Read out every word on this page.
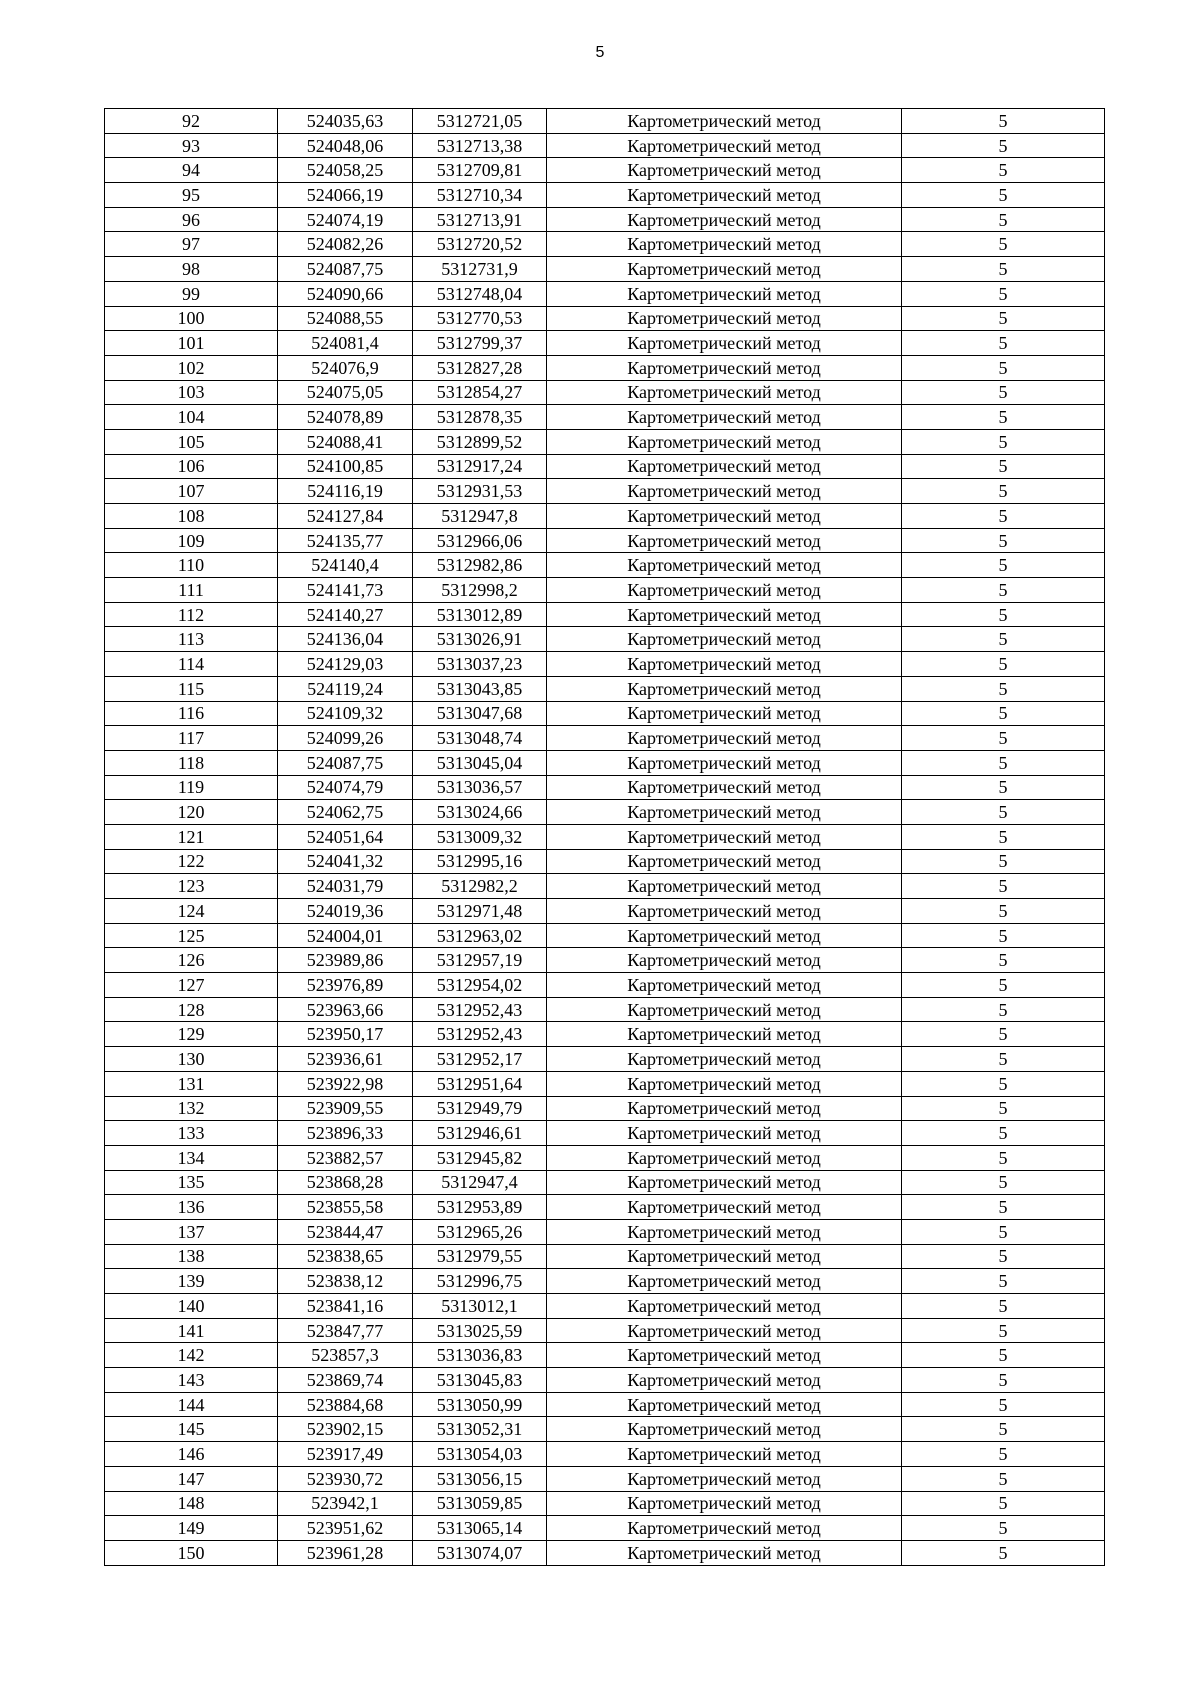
5
92	524035,63	5312721,05	Картометрический метод	5
93	524048,06	5312713,38	Картометрический метод	5
94	524058,25	5312709,81	Картометрический метод	5
95	524066,19	5312710,34	Картометрический метод	5
96	524074,19	5312713,91	Картометрический метод	5
97	524082,26	5312720,52	Картометрический метод	5
98	524087,75	5312731,9	Картометрический метод	5
99	524090,66	5312748,04	Картометрический метод	5
100	524088,55	5312770,53	Картометрический метод	5
101	524081,4	5312799,37	Картометрический метод	5
102	524076,9	5312827,28	Картометрический метод	5
103	524075,05	5312854,27	Картометрический метод	5
104	524078,89	5312878,35	Картометрический метод	5
105	524088,41	5312899,52	Картометрический метод	5
106	524100,85	5312917,24	Картометрический метод	5
107	524116,19	5312931,53	Картометрический метод	5
108	524127,84	5312947,8	Картометрический метод	5
109	524135,77	5312966,06	Картометрический метод	5
110	524140,4	5312982,86	Картометрический метод	5
111	524141,73	5312998,2	Картометрический метод	5
112	524140,27	5313012,89	Картометрический метод	5
113	524136,04	5313026,91	Картометрический метод	5
114	524129,03	5313037,23	Картометрический метод	5
115	524119,24	5313043,85	Картометрический метод	5
116	524109,32	5313047,68	Картометрический метод	5
117	524099,26	5313048,74	Картометрический метод	5
118	524087,75	5313045,04	Картометрический метод	5
119	524074,79	5313036,57	Картометрический метод	5
120	524062,75	5313024,66	Картометрический метод	5
121	524051,64	5313009,32	Картометрический метод	5
122	524041,32	5312995,16	Картометрический метод	5
123	524031,79	5312982,2	Картометрический метод	5
124	524019,36	5312971,48	Картометрический метод	5
125	524004,01	5312963,02	Картометрический метод	5
126	523989,86	5312957,19	Картометрический метод	5
127	523976,89	5312954,02	Картометрический метод	5
128	523963,66	5312952,43	Картометрический метод	5
129	523950,17	5312952,43	Картометрический метод	5
130	523936,61	5312952,17	Картометрический метод	5
131	523922,98	5312951,64	Картометрический метод	5
132	523909,55	5312949,79	Картометрический метод	5
133	523896,33	5312946,61	Картометрический метод	5
134	523882,57	5312945,82	Картометрический метод	5
135	523868,28	5312947,4	Картометрический метод	5
136	523855,58	5312953,89	Картометрический метод	5
137	523844,47	5312965,26	Картометрический метод	5
138	523838,65	5312979,55	Картометрический метод	5
139	523838,12	5312996,75	Картометрический метод	5
140	523841,16	5313012,1	Картометрический метод	5
141	523847,77	5313025,59	Картометрический метод	5
142	523857,3	5313036,83	Картометрический метод	5
143	523869,74	5313045,83	Картометрический метод	5
144	523884,68	5313050,99	Картометрический метод	5
145	523902,15	5313052,31	Картометрический метод	5
146	523917,49	5313054,03	Картометрический метод	5
147	523930,72	5313056,15	Картометрический метод	5
148	523942,1	5313059,85	Картометрический метод	5
149	523951,62	5313065,14	Картометрический метод	5
150	523961,28	5313074,07	Картометрический метод	5
